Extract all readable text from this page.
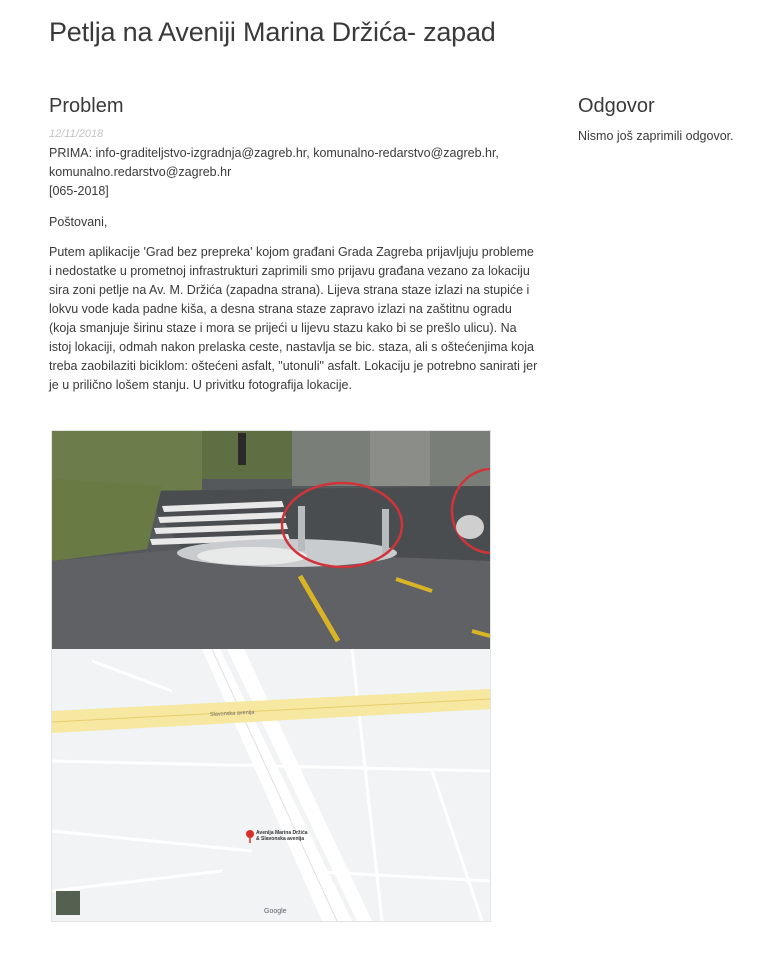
Petlja na Aveniji Marina Držića- zapad
Problem
12/11/2018
PRIMA: info-graditeljstvo-izgradnja@zagreb.hr, komunalno-redarstvo@zagreb.hr,
komunalno.redarstvo@zagreb.hr
[065-2018]
Poštovani,
Putem aplikacije 'Grad bez prepreka' kojom građani Grada Zagreba prijavljuju probleme i nedostatke u prometnoj infrastrukturi zaprimili smo prijavu građana vezano za lokaciju sira zoni petlje na Av. M. Držića (zapadna strana). Lijeva strana staze izlazi na stupiće i lokvu vode kada padne kiša, a desna strana staze zapravo izlazi na zaštitnu ogradu (koja smanjuje širinu staze i mora se prijeći u lijevu stazu kako bi se prešlo ulicu). Na istoj lokaciji, odmah nakon prelaska ceste, nastavlja se bic. staza, ali s oštećenjima koja treba zaobilaziti biciklom: oštećeni asfalt, "utonuli" asfalt. Lokaciju je potrebno sanirati jer je u prilično lošem stanju. U privitku fotografija lokacije.
Odgovor
Nismo još zaprimili odgovor.
Slavonska avenija
Avenija Marina Držića
& Slavonska avenija
Google
